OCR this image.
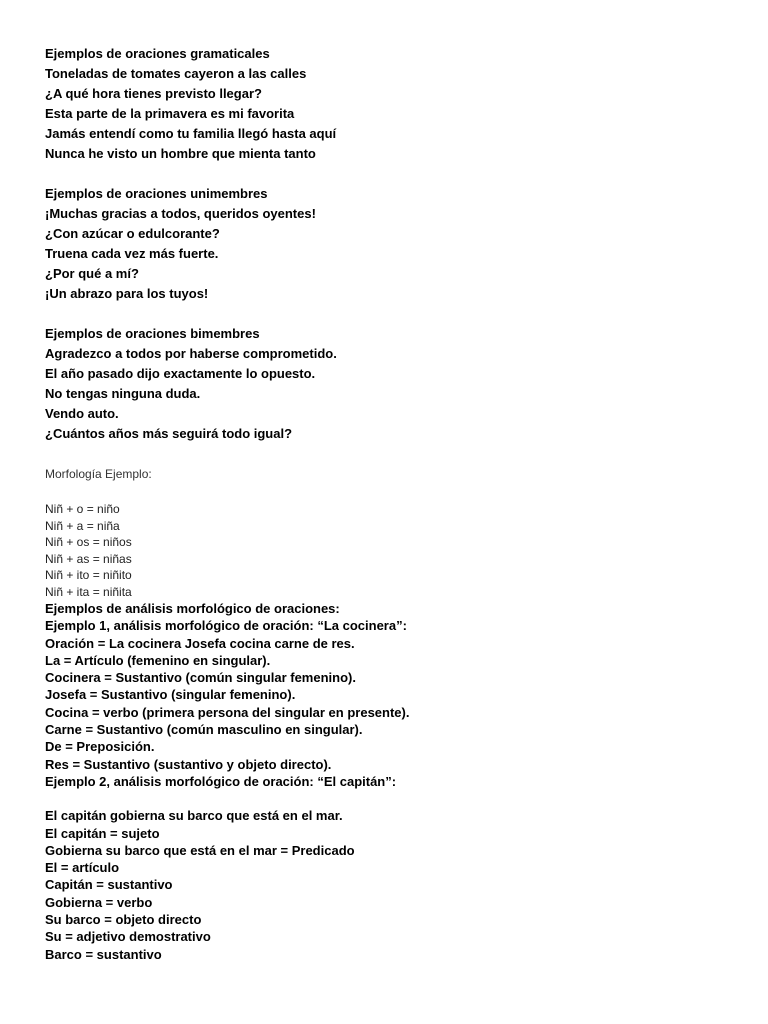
Ejemplos de oraciones gramaticales

Toneladas de tomates cayeron a las calles

¿A qué hora tienes previsto llegar?

Esta parte de la primavera es mi favorita

Jamás entendí como tu familia llegó hasta aquí

Nunca he visto un hombre que mienta tanto

Ejemplos de oraciones unimembres

¡Muchas gracias a todos, queridos oyentes!

¿Con azúcar o edulcorante?

Truena cada vez más fuerte.

¿Por qué a mí?

¡Un abrazo para los tuyos!

Ejemplos de oraciones bimembres

Agradezco a todos por haberse comprometido.

El año pasado dijo exactamente lo opuesto.

No tengas ninguna duda.

Vendo auto.

¿Cuántos años más seguirá todo igual?

Morfología Ejemplo:

Niñ + o = niño

Niñ + a = niña

Niñ + os = niños

Niñ + as = niñas

Niñ + ito = niñito

Niñ + ita = niñita

Ejemplos de análisis morfológico de oraciones:

Ejemplo 1, análisis morfológico de oración: “La cocinera”:

Oración = La cocinera Josefa cocina carne de res.

La = Artículo (femenino en singular).

Cocinera = Sustantivo (común singular femenino).

Josefa = Sustantivo (singular femenino).

Cocina = verbo (primera persona del singular en presente).

Carne = Sustantivo (común masculino en singular).

De = Preposición.

Res = Sustantivo (sustantivo y objeto directo).

Ejemplo 2, análisis morfológico de oración: “El capitán”:

El capitán gobierna su barco que está en el mar.

El capitán = sujeto

Gobierna su barco que está en el mar = Predicado

El = artículo

Capitán = sustantivo

Gobierna = verbo

Su barco = objeto directo

Su = adjetivo demostrativo

Barco = sustantivo
